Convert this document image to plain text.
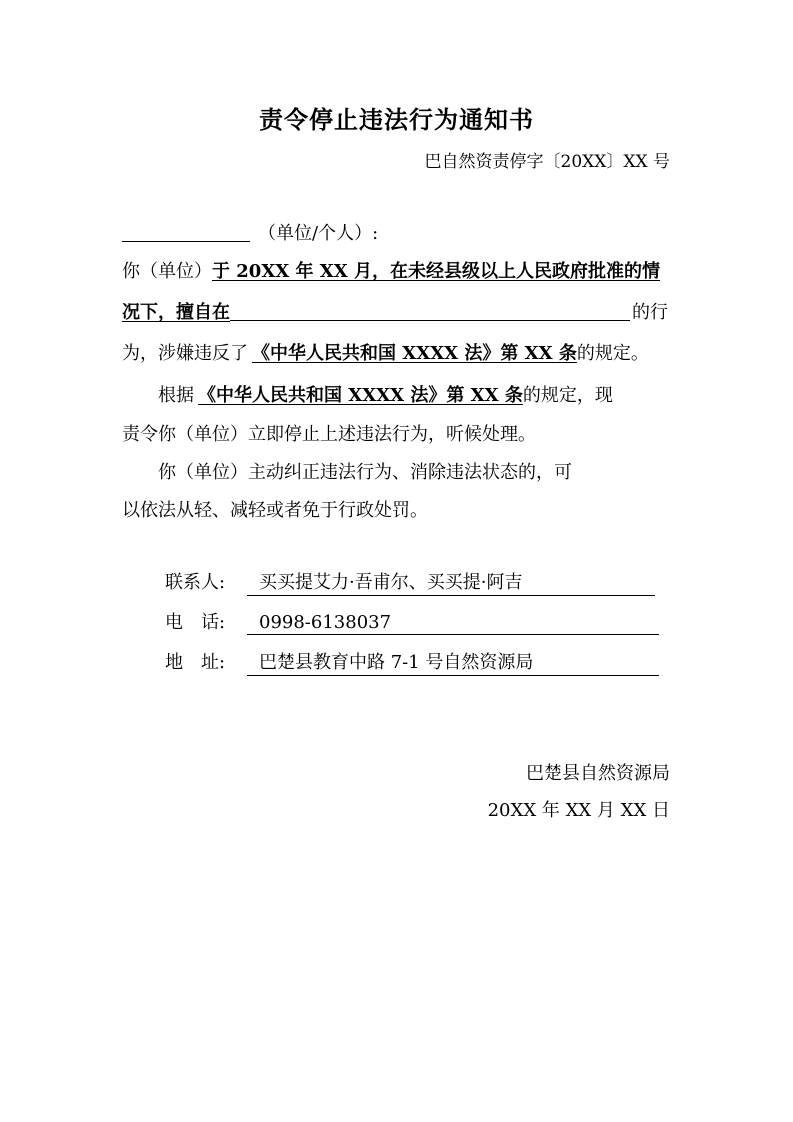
责令停止违法行为通知书
巴自然资责停字〔20XX〕XX 号
（单位/个人）:
你（单位）于 20XX 年 XX 月，在未经县级以上人民政府批准的情
况下，擅自在	的行
为，涉嫌违反了 《中华人民共和国 XXXX 法》第 XX 条的规定。
根据 《中华人民共和国 XXXX 法》第 XX 条的规定，现
责令你（单位）立即停止上述违法行为，听候处理。
你（单位）主动纠正违法行为、消除违法状态的，可
以依法从轻、减轻或者免于行政处罚。
联系人: 买买提艾力·吾甫尔、买买提·阿吉
电　话: 0998-6138037
地　址: 巴楚县教育中路 7-1 号自然资源局
巴楚县自然资源局
20XX 年 XX 月 XX 日
